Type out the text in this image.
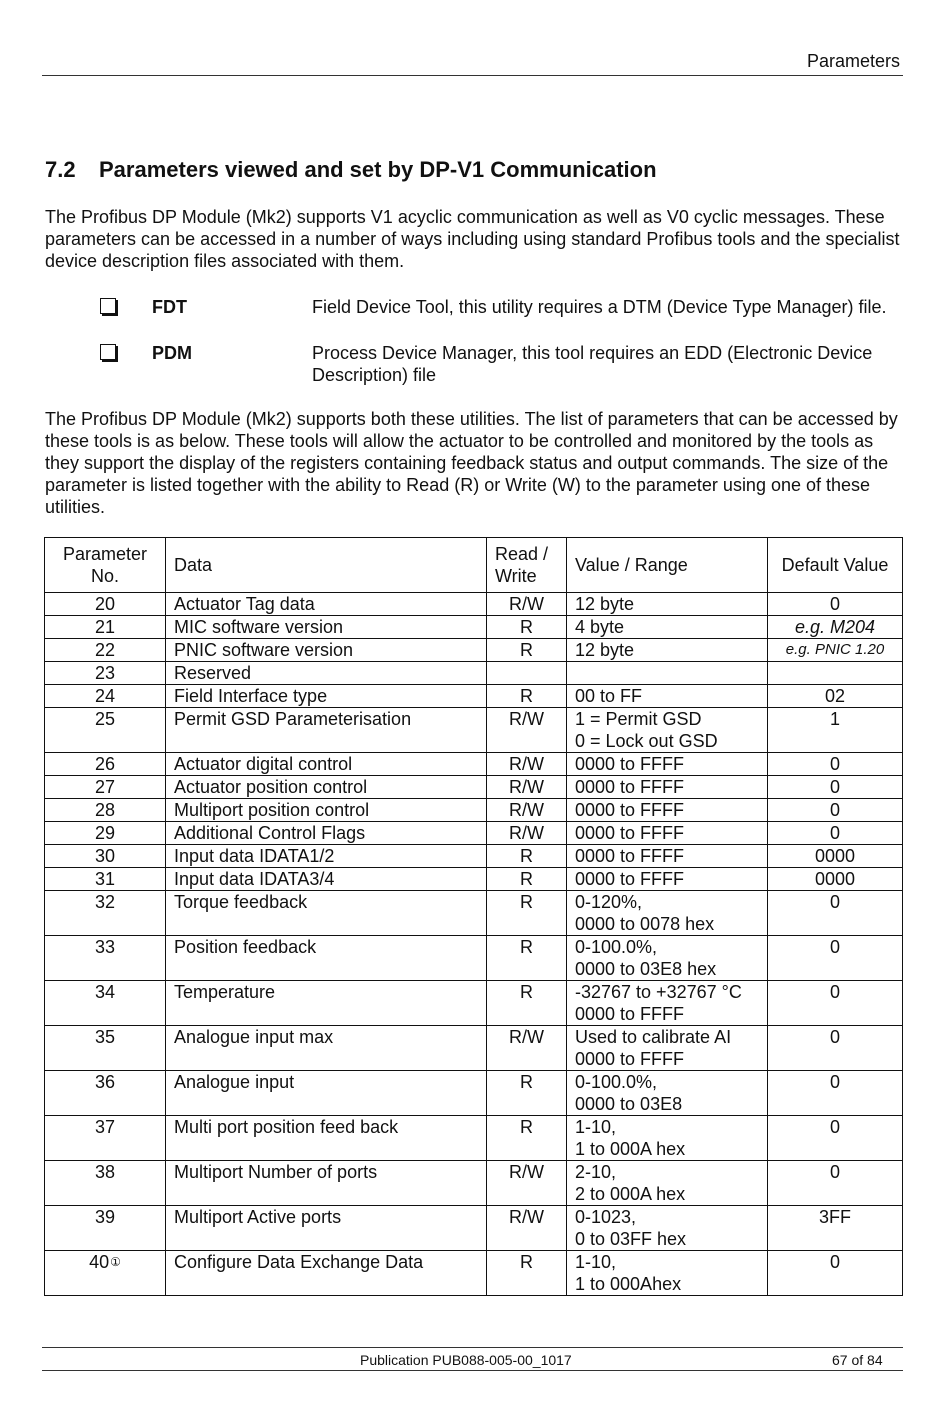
Parameters
7.2 Parameters viewed and set by DP-V1 Communication
The Profibus DP Module (Mk2) supports V1 acyclic communication as well as V0 cyclic messages. These parameters can be accessed in a number of ways including using standard Profibus tools and the specialist device description files associated with them.
FDT	Field Device Tool, this utility requires a DTM (Device Type Manager) file.
PDM	Process Device Manager, this tool requires an EDD (Electronic Device Description) file
The Profibus DP Module (Mk2) supports both these utilities. The list of parameters that can be accessed by these tools is as below. These tools will allow the actuator to be controlled and monitored by the tools as they support the display of the registers containing feedback status and output commands. The size of the parameter is listed together with the ability to Read (R) or Write (W) to the parameter using one of these utilities.
Parameter No.	Data	Read / Write	Value / Range	Default Value
20	Actuator Tag data	R/W	12 byte	0
21	MIC software version	R	4 byte	e.g. M204
22	PNIC software version	R	12 byte	e.g. PNIC 1.20
23	Reserved		

24	Field Interface type	R	00 to FF	02
25	Permit GSD Parameterisation	R/W	1 = Permit GSD
0 = Lock out GSD	1
26	Actuator digital control	R/W	0000 to FFFF	0
27	Actuator position control	R/W	0000 to FFFF	0
28	Multiport position control	R/W	0000 to FFFF	0
29	Additional Control Flags	R/W	0000 to FFFF	0
30	Input data IDATA1/2	R	0000 to FFFF	0000
31	Input data IDATA3/4	R	0000 to FFFF	0000
32	Torque feedback	R	0-120%,
0000 to 0078 hex	0
33	Position feedback	R	0-100.0%,
0000 to 03E8 hex	0
34	Temperature	R	-32767 to +32767 °C
0000 to FFFF	0
35	Analogue input max	R/W	Used to calibrate AI
0000 to FFFF	0
36	Analogue input	R	0-100.0%,
0000 to 03E8	0
37	Multi port position feed back	R	1-10,
1 to 000A hex	0
38	Multiport Number of ports	R/W	2-10,
2 to 000A hex	0
39	Multiport Active ports	R/W	0-1023,
0 to 03FF hex	3FF
40①	Configure Data Exchange Data	R	1-10,
1 to 000Ahex	0
Publication PUB088-005-00_1017	67 of 84
